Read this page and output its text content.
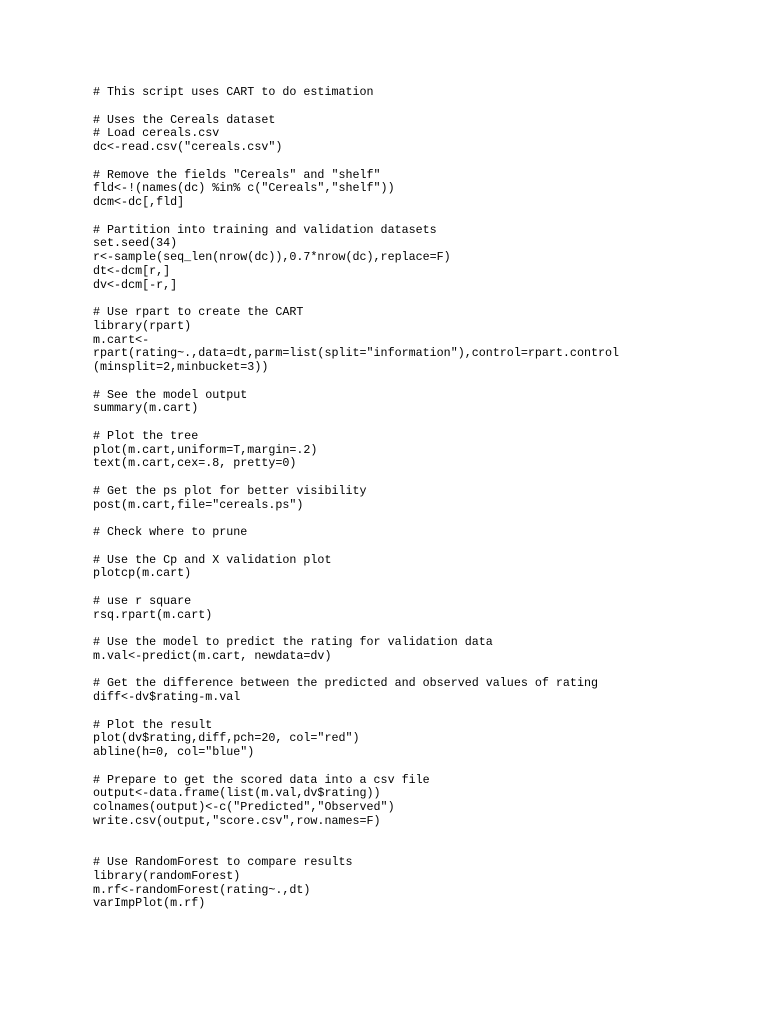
# This script uses CART to do estimation
# Uses the Cereals dataset
# Load cereals.csv
dc<-read.csv("cereals.csv")
# Remove the fields "Cereals" and "shelf"
fld<-!(names(dc) %in% c("Cereals","shelf"))
dcm<-dc[,fld]
# Partition into training and validation datasets
set.seed(34)
r<-sample(seq_len(nrow(dc)),0.7*nrow(dc),replace=F)
dt<-dcm[r,]
dv<-dcm[-r,]
# Use rpart to create the CART
library(rpart)
m.cart<-
rpart(rating~.,data=dt,parm=list(split="information"),control=rpart.control
(minsplit=2,minbucket=3))
# See the model output
summary(m.cart)
# Plot the tree
plot(m.cart,uniform=T,margin=.2)
text(m.cart,cex=.8, pretty=0)
# Get the ps plot for better visibility
post(m.cart,file="cereals.ps")
# Check where to prune
# Use the Cp and X validation plot
plotcp(m.cart)
# use r square
rsq.rpart(m.cart)
# Use the model to predict the rating for validation data
m.val<-predict(m.cart, newdata=dv)
# Get the difference between the predicted and observed values of rating
diff<-dv$rating-m.val
# Plot the result
plot(dv$rating,diff,pch=20, col="red")
abline(h=0, col="blue")
# Prepare to get the scored data into a csv file
output<-data.frame(list(m.val,dv$rating))
colnames(output)<-c("Predicted","Observed")
write.csv(output,"score.csv",row.names=F)
# Use RandomForest to compare results
library(randomForest)
m.rf<-randomForest(rating~.,dt)
varImpPlot(m.rf)
